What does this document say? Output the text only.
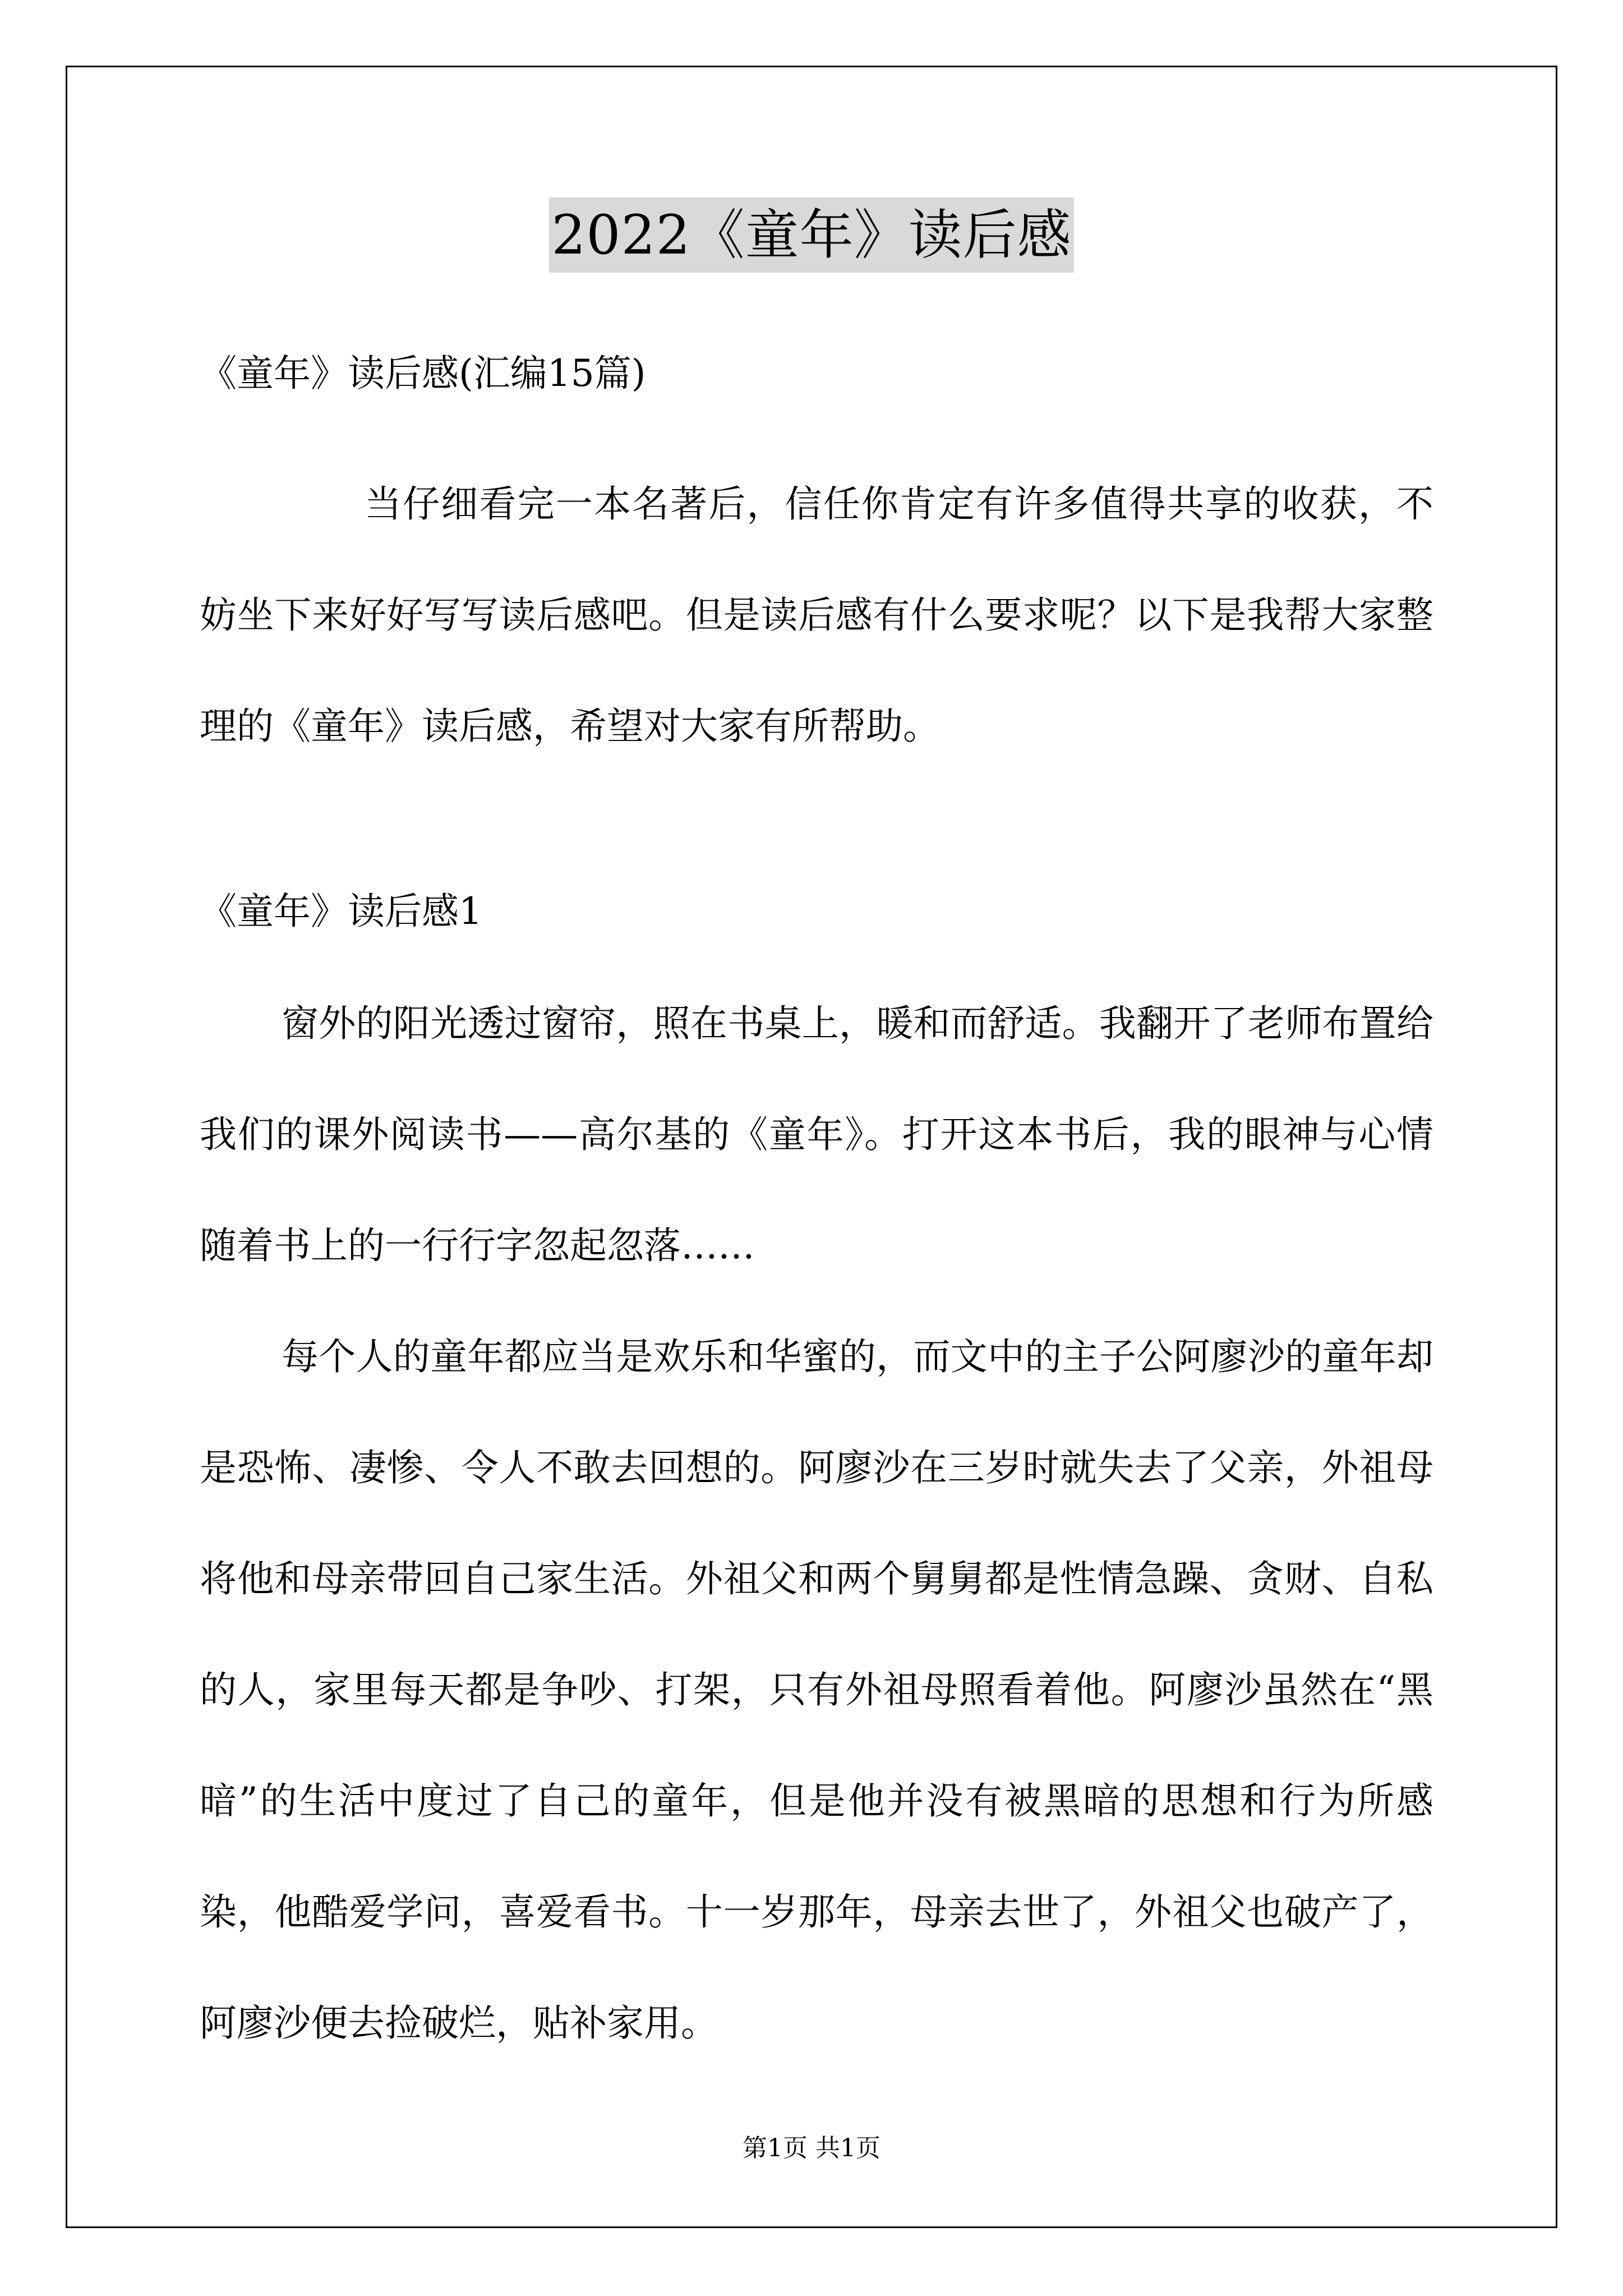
2022《童年》读后感
《童年》读后感(汇编15篇)

当仔细看完一本名著后，信任你肯定有许多值得共享的收获，不妨坐下来好好写写读后感吧。但是读后感有什么要求呢？以下是我帮大家整理的《童年》读后感，希望对大家有所帮助。

《童年》读后感1

窗外的阳光透过窗帘，照在书桌上，暖和而舒适。我翻开了老师布置给我们的课外阅读书——高尔基的《童年》。打开这本书后，我的眼神与心情随着书上的一行行字忽起忽落……

每个人的童年都应当是欢乐和华蜜的，而文中的主子公阿廖沙的童年却是恐怖、凄惨、令人不敢去回想的。阿廖沙在三岁时就失去了父亲，外祖母将他和母亲带回自己家生活。外祖父和两个舅舅都是性情急躁、贪财、自私的人，家里每天都是争吵、打架，只有外祖母照看着他。阿廖沙虽然在“黑暗”的生活中度过了自己的童年，但是他并没有被黑暗的思想和行为所感染，他酷爱学问，喜爱看书。十一岁那年，母亲去世了，外祖父也破产了，阿廖沙便去捡破烂，贴补家用。

第1页 共1页
